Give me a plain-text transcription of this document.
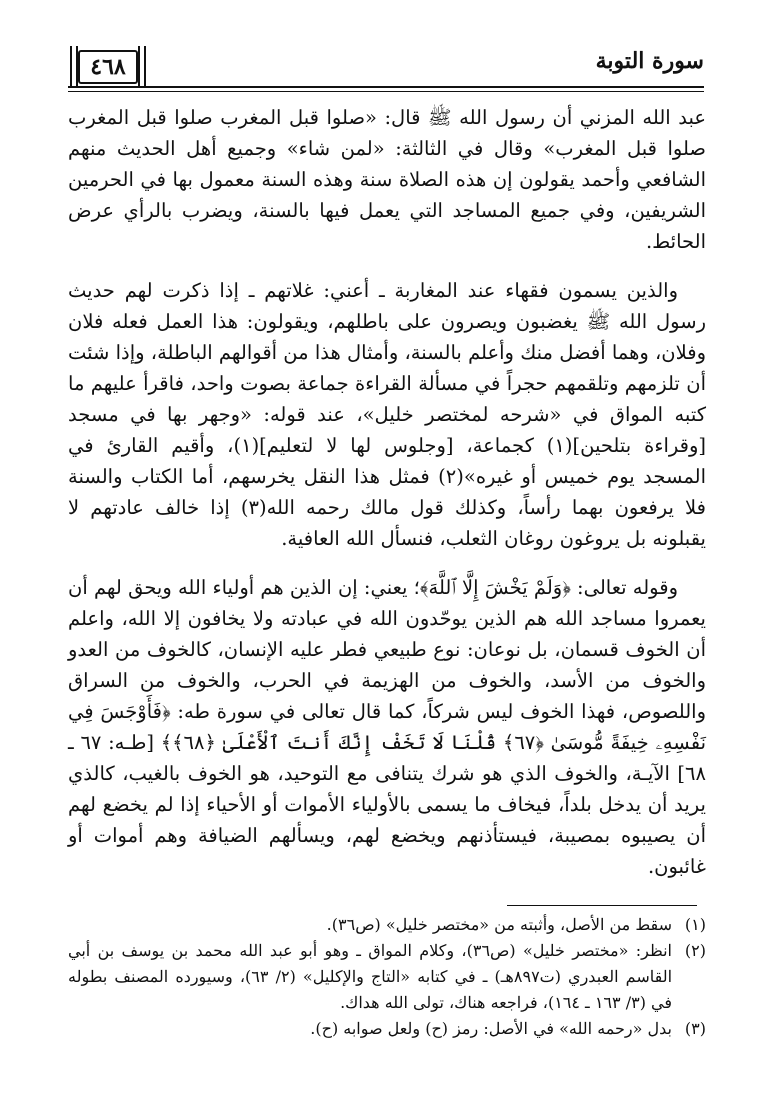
سورة التوبة
٤٦٨

عبد الله المزني أن رسول الله ﷺ قال: «صلوا قبل المغرب صلوا قبل المغرب صلوا قبل المغرب» وقال في الثالثة: «لمن شاء» وجميع أهل الحديث منهم الشافعي وأحمد يقولون إن هذه الصلاة سنة وهذه السنة معمول بها في الحرمين الشريفين، وفي جميع المساجد التي يعمل فيها بالسنة، ويضرب بالرأي عرض الحائط.

والذين يسمون فقهاء عند المغاربة ـ أعني: غلاتهم ـ إذا ذكرت لهم حديث رسول الله ﷺ يغضبون ويصرون على باطلهم، ويقولون: هذا العمل فعله فلان وفلان، وهما أفضل منك وأعلم بالسنة، وأمثال هذا من أقوالهم الباطلة، وإذا شئت أن تلزمهم وتلقمهم حجراً في مسألة القراءة جماعة بصوت واحد، فاقرأ عليهم ما كتبه المواق في «شرحه لمختصر خليل»، عند قوله: «وجهر بها في مسجد [وقراءة بتلحين](١) كجماعة، [وجلوس لها لا لتعليم](١)، وأقيم القارئ في المسجد يوم خميس أو غيره»(٢) فمثل هذا النقل يخرسهم، أما الكتاب والسنة فلا يرفعون بهما رأساً، وكذلك قول مالك رحمه الله(٣) إذا خالف عادتهم لا يقبلونه بل يروغون روغان الثعلب، فنسأل الله العافية.

وقوله تعالى: ﴿وَلَمْ يَخْشَ إِلَّا ٱللَّهَ﴾؛ يعني: إن الذين هم أولياء الله ويحق لهم أن يعمروا مساجد الله هم الذين يوحّدون الله في عبادته ولا يخافون إلا الله، واعلم أن الخوف قسمان، بل نوعان: نوع طبيعي فطر عليه الإنسان، كالخوف من العدو والخوف من الأسد، والخوف من الهزيمة في الحرب، والخوف من السراق واللصوص، فهذا الخوف ليس شركاً، كما قال تعالى في سورة طه: ﴿فَأَوْجَسَ فِي نَفْسِهِۦ خِيفَةً مُّوسَىٰ ﴿٦٧﴾ قُلْنَا لَا تَخَفْ إِنَّكَ أَنتَ ٱلْأَعْلَىٰ ﴿٦٨﴾﴾ [طـه: ٦٧ ـ ٦٨] الآيـة، والخوف الذي هو شرك يتنافى مع التوحيد، هو الخوف بالغيب، كالذي يريد أن يدخل بلداً، فيخاف ما يسمى بالأولياء الأموات أو الأحياء إذا لم يخضع لهم أن يصيبوه بمصيبة، فيستأذنهم ويخضع لهم، ويسألهم الضيافة وهم أموات أو غائبون.

(١)
سقط من الأصل، وأثبته من «مختصر خليل» (ص٣٦).
(٢)
انظر: «مختصر خليل» (ص٣٦)، وكلام المواق ـ وهو أبو عبد الله محمد بن يوسف بن أبي القاسم العبدري (ت٨٩٧هـ) ـ في كتابه «التاج والإكليل» (٢/ ٦٣)، وسيورده المصنف بطوله في (٣/ ١٦٣ ـ ١٦٤)، فراجعه هناك، تولى الله هداك.
(٣)
بدل «رحمه الله» في الأصل: رمز (ح) ولعل صوابه (ح).
